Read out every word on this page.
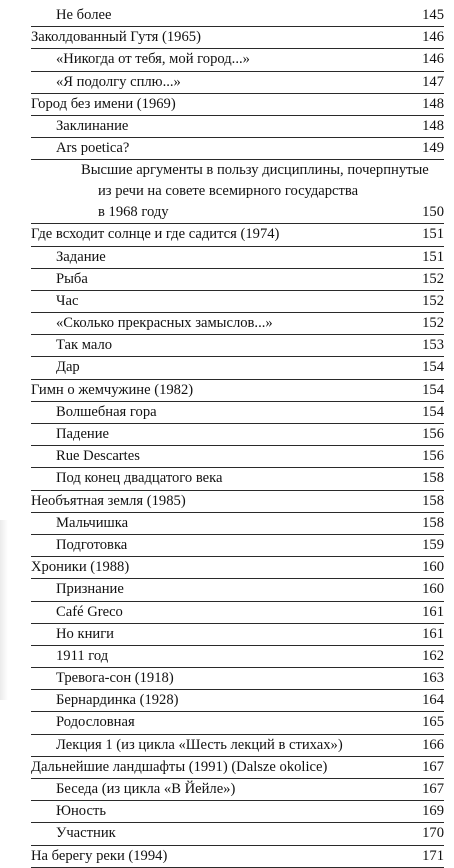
Не более	145
Заколдованный Гутя (1965)	146
«Никогда от тебя, мой город...»	146
«Я подолгу сплю...»	147
Город без имени (1969)	148
Заклинание	148
Ars poetica?	149
Высшие аргументы в пользу дисциплины, почерпнутые
из речи на совете всемирного государства
в 1968 году	150
Где всходит солнце и где садится (1974)	151
Задание	151
Рыба	152
Час	152
«Сколько прекрасных замыслов...»	152
Так мало	153
Дар	154
Гимн о жемчужине (1982)	154
Волшебная гора	154
Падение	156
Rue Descartes	156
Под конец двадцатого века	158
Необъятная земля (1985)	158
Мальчишка	158
Подготовка	159
Хроники (1988)	160
Признание	160
Café Greco	161
Но книги	161
1911 год	162
Тревога-сон (1918)	163
Бернардинка (1928)	164
Родословная	165
Лекция 1 (из цикла «Шесть лекций в стихах»)	166
Дальнейшие ландшафты (1991) (Dalsze okolice)	167
Беседа (из цикла «В Йейле»)	167
Юность	169
Участник	170
На берегу реки (1994)	171
